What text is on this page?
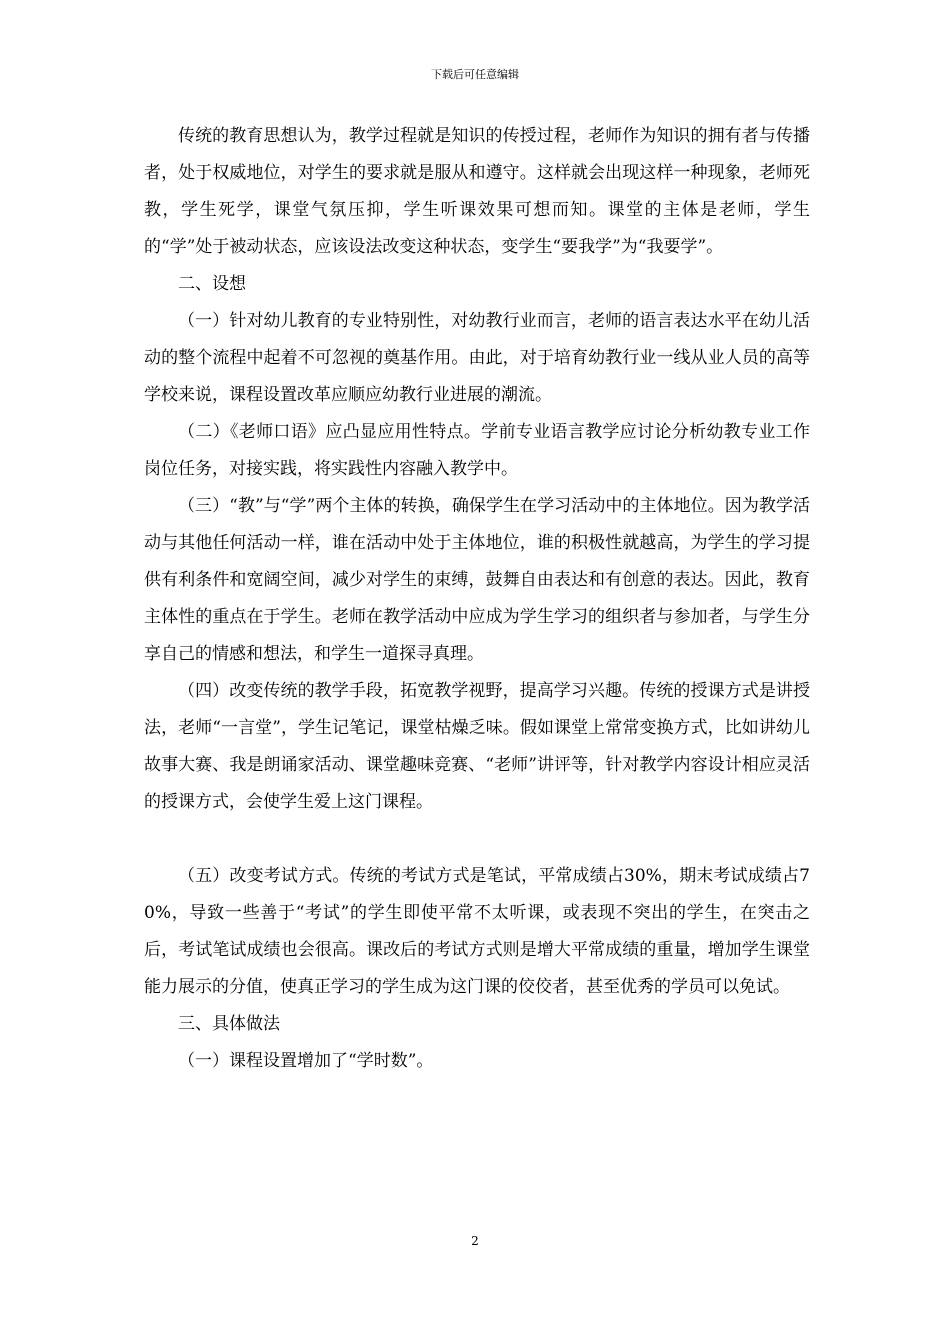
下载后可任意编辑

传统的教育思想认为，教学过程就是知识的传授过程，老师作为知识的拥有者与传播者，处于权威地位，对学生的要求就是服从和遵守。这样就会出现这样一种现象，老师死教，学生死学，课堂气氛压抑，学生听课效果可想而知。课堂的主体是老师，学生的“学”处于被动状态，应该设法改变这种状态，变学生“要我学”为“我要学”。

二、设想

（一）针对幼儿教育的专业特别性，对幼教行业而言，老师的语言表达水平在幼儿活动的整个流程中起着不可忽视的奠基作用。由此，对于培育幼教行业一线从业人员的高等学校来说，课程设置改革应顺应幼教行业进展的潮流。

（二）《老师口语》应凸显应用性特点。学前专业语言教学应讨论分析幼教专业工作岗位任务，对接实践，将实践性内容融入教学中。

（三）“教”与“学”两个主体的转换，确保学生在学习活动中的主体地位。因为教学活动与其他任何活动一样，谁在活动中处于主体地位，谁的积极性就越高，为学生的学习提供有利条件和宽阔空间，减少对学生的束缚，鼓舞自由表达和有创意的表达。因此，教育主体性的重点在于学生。老师在教学活动中应成为学生学习的组织者与参加者，与学生分享自己的情感和想法，和学生一道探寻真理。

（四）改变传统的教学手段，拓宽教学视野，提高学习兴趣。传统的授课方式是讲授法，老师“一言堂”，学生记笔记，课堂枯燥乏味。假如课堂上常常变换方式，比如讲幼儿故事大赛、我是朗诵家活动、课堂趣味竞赛、“老师”讲评等，针对教学内容设计相应灵活的授课方式，会使学生爱上这门课程。

（五）改变考试方式。传统的考试方式是笔试，平常成绩占30%，期末考试成绩占70%，导致一些善于“考试”的学生即使平常不太听课，或表现不突出的学生，在突击之后，考试笔试成绩也会很高。课改后的考试方式则是增大平常成绩的重量，增加学生课堂能力展示的分值，使真正学习的学生成为这门课的佼佼者，甚至优秀的学员可以免试。

三、具体做法

（一）课程设置增加了“学时数”。

2
